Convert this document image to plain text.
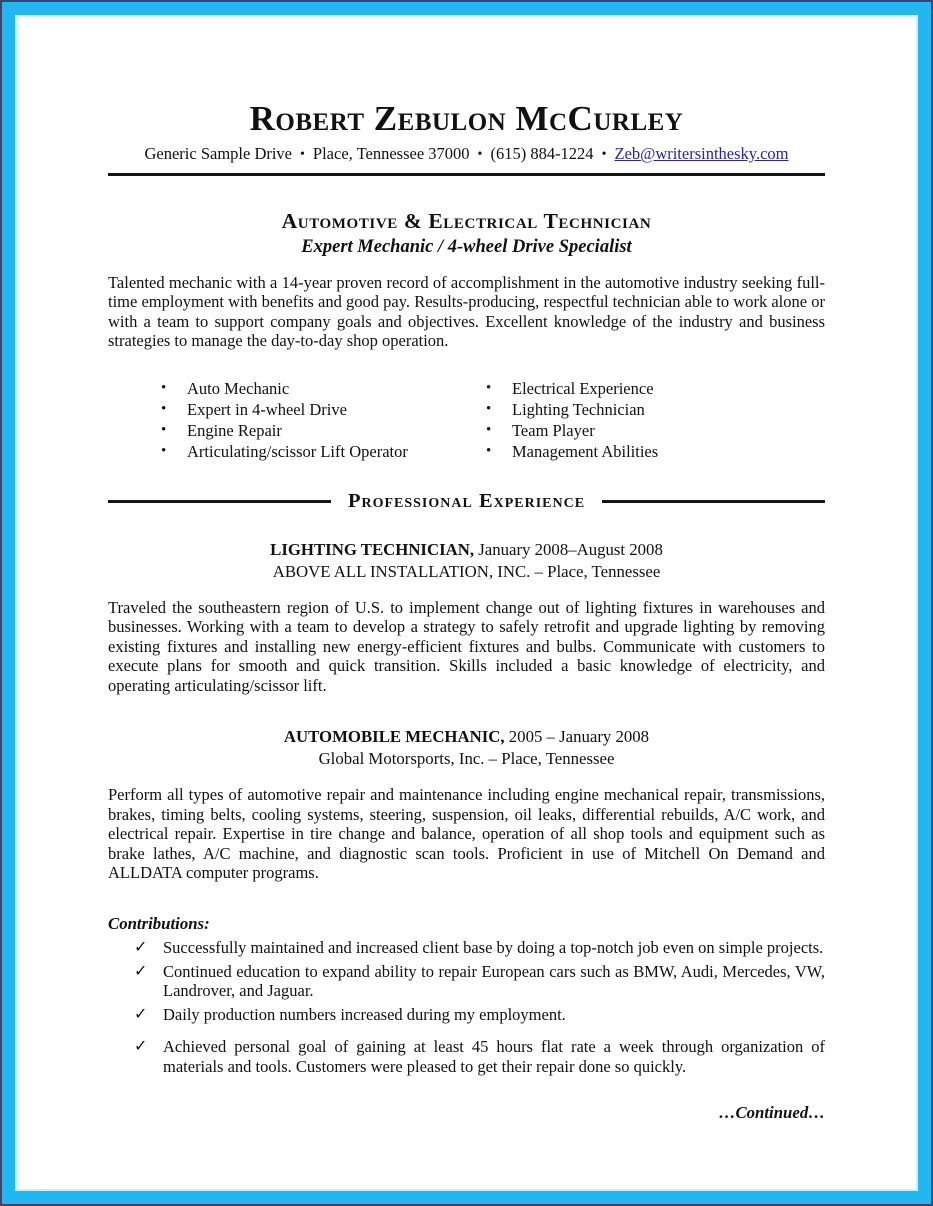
Robert Zebulon McCurley
Generic Sample Drive • Place, Tennessee 37000 • (615) 884-1224 • Zeb@writersinthesky.com
Automotive & Electrical Technician
Expert Mechanic / 4-wheel Drive Specialist

Talented mechanic with a 14-year proven record of accomplishment in the automotive industry seeking full-time employment with benefits and good pay. Results-producing, respectful technician able to work alone or with a team to support company goals and objectives. Excellent knowledge of the industry and business strategies to manage the day-to-day shop operation.

•	Auto Mechanic
•	Expert in 4-wheel Drive
•	Engine Repair
•	Articulating/scissor Lift Operator
•	Electrical Experience
•	Lighting Technician
•	Team Player
•	Management Abilities
Professional Experience
LIGHTING TECHNICIAN, January 2008–August 2008
ABOVE ALL INSTALLATION, INC. – Place, Tennessee

Traveled the southeastern region of U.S. to implement change out of lighting fixtures in warehouses and businesses. Working with a team to develop a strategy to safely retrofit and upgrade lighting by removing existing fixtures and installing new energy-efficient fixtures and bulbs. Communicate with customers to execute plans for smooth and quick transition. Skills included a basic knowledge of electricity, and operating articulating/scissor lift.

AUTOMOBILE MECHANIC, 2005 – January 2008
Global Motorsports, Inc. – Place, Tennessee

Perform all types of automotive repair and maintenance including engine mechanical repair, transmissions, brakes, timing belts, cooling systems, steering, suspension, oil leaks, differential rebuilds, A/C work, and electrical repair. Expertise in tire change and balance, operation of all shop tools and equipment such as brake lathes, A/C machine, and diagnostic scan tools. Proficient in use of Mitchell On Demand and ALLDATA computer programs.

Contributions:
✓ Successfully maintained and increased client base by doing a top-notch job even on simple projects.
✓ Continued education to expand ability to repair European cars such as BMW, Audi, Mercedes, VW, Landrover, and Jaguar.
✓ Daily production numbers increased during my employment.
✓ Achieved personal goal of gaining at least 45 hours flat rate a week through organization of materials and tools. Customers were pleased to get their repair done so quickly.
…Continued…
